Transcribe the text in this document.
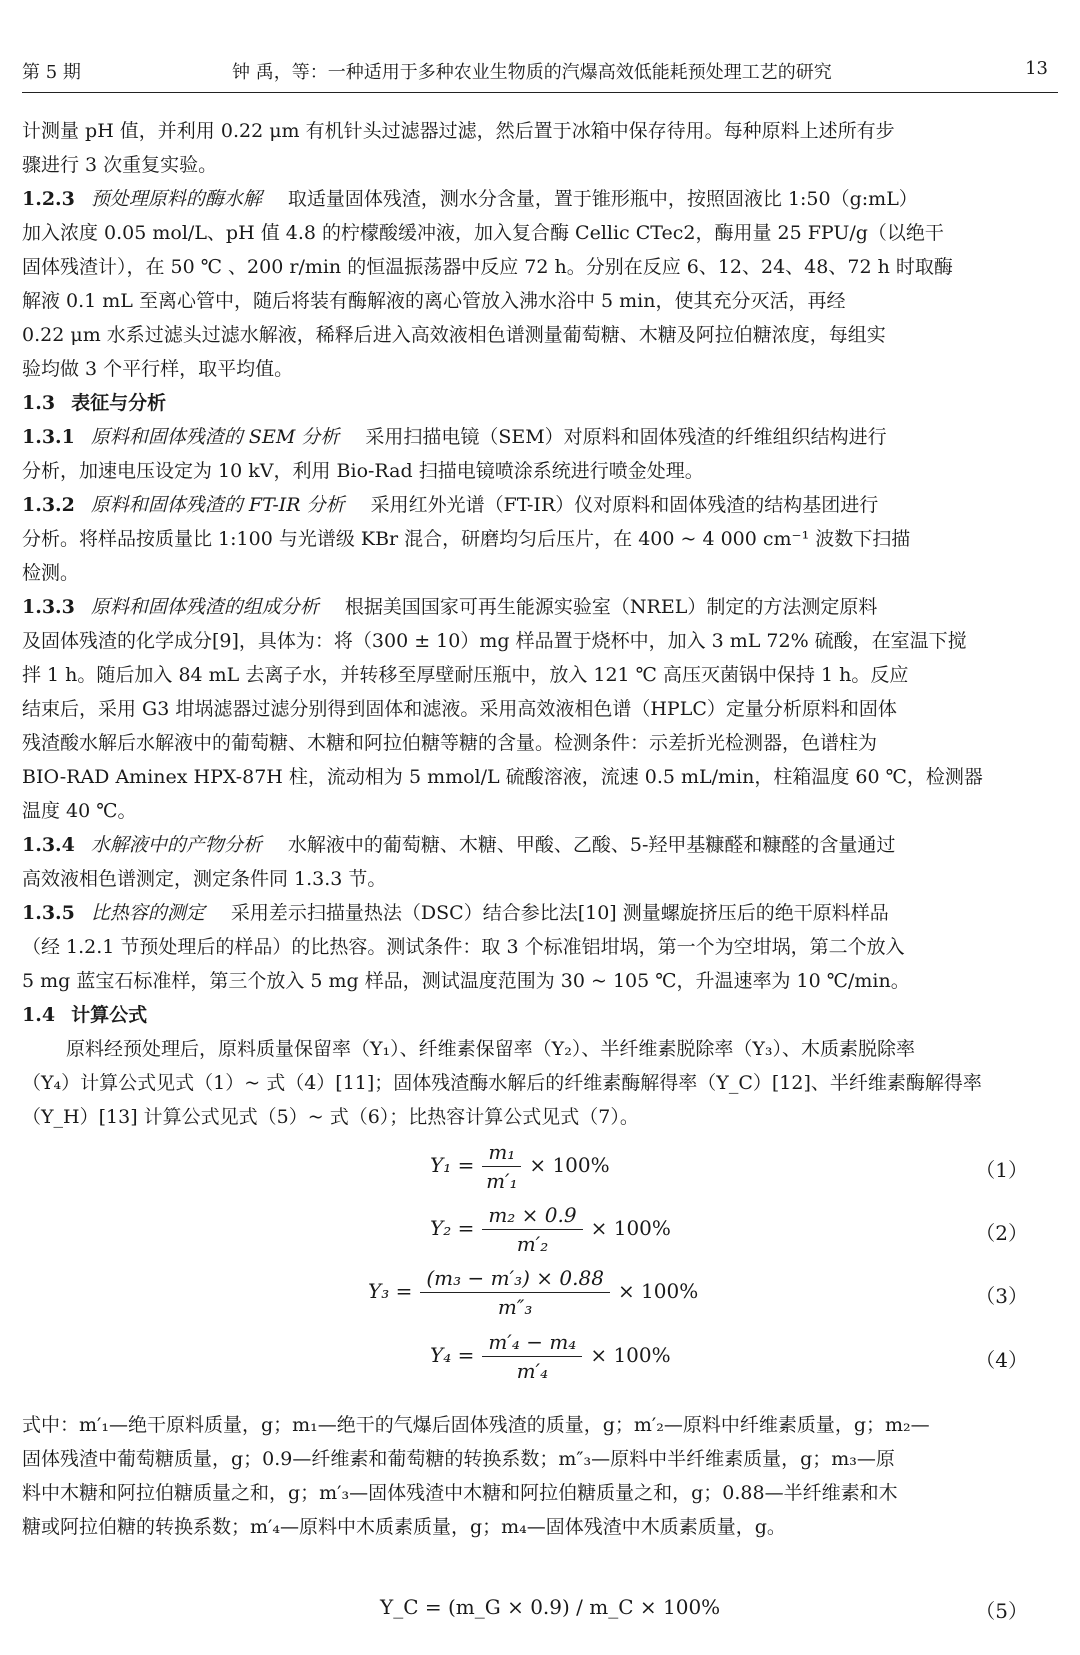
第 5 期	钟 禹，等：一种适用于多种农业生物质的汽爆高效低能耗预处理工艺的研究	13
计测量 pH 值，并利用 0.22 μm 有机针头过滤器过滤，然后置于冰箱中保存待用。每种原料上述所有步
骤进行 3 次重复实验。
1.2.3 预处理原料的酶水解 取适量固体残渣，测水分含量，置于锥形瓶中，按照固液比 1:50（g:mL）
加入浓度 0.05 mol/L、pH 值 4.8 的柠檬酸缓冲液，加入复合酶 Cellic CTec2，酶用量 25 FPU/g（以绝干
固体残渣计），在 50 ℃ 、200 r/min 的恒温振荡器中反应 72 h。分别在反应 6、12、24、48、72 h 时取酶
解液 0.1 mL 至离心管中，随后将装有酶解液的离心管放入沸水浴中 5 min，使其充分灭活，再经
0.22 μm 水系过滤头过滤水解液，稀释后进入高效液相色谱测量葡萄糖、木糖及阿拉伯糖浓度，每组实
验均做 3 个平行样，取平均值。
1.3 表征与分析
1.3.1 原料和固体残渣的 SEM 分析 采用扫描电镜（SEM）对原料和固体残渣的纤维组织结构进行
分析，加速电压设定为 10 kV，利用 Bio-Rad 扫描电镜喷涂系统进行喷金处理。
1.3.2 原料和固体残渣的 FT-IR 分析 采用红外光谱（FT-IR）仪对原料和固体残渣的结构基团进行
分析。将样品按质量比 1:100 与光谱级 KBr 混合，研磨均匀后压片，在 400 ~ 4 000 cm⁻¹ 波数下扫描
检测。
1.3.3 原料和固体残渣的组成分析 根据美国国家可再生能源实验室（NREL）制定的方法测定原料
及固体残渣的化学成分[9]，具体为：将（300 ± 10）mg 样品置于烧杯中，加入 3 mL 72% 硫酸，在室温下搅
拌 1 h。随后加入 84 mL 去离子水，并转移至厚壁耐压瓶中，放入 121 ℃ 高压灭菌锅中保持 1 h。反应
结束后，采用 G3 坩埚滤器过滤分别得到固体和滤液。采用高效液相色谱（HPLC）定量分析原料和固体
残渣酸水解后水解液中的葡萄糖、木糖和阿拉伯糖等糖的含量。检测条件：示差折光检测器，色谱柱为
BIO-RAD Aminex HPX-87H 柱，流动相为 5 mmol/L 硫酸溶液，流速 0.5 mL/min，柱箱温度 60 ℃，检测器
温度 40 ℃。
1.3.4 水解液中的产物分析 水解液中的葡萄糖、木糖、甲酸、乙酸、5-羟甲基糠醛和糠醛的含量通过
高效液相色谱测定，测定条件同 1.3.3 节。
1.3.5 比热容的测定 采用差示扫描量热法（DSC）结合参比法[10] 测量螺旋挤压后的绝干原料样品
（经 1.2.1 节预处理后的样品）的比热容。测试条件：取 3 个标准铝坩埚，第一个为空坩埚，第二个放入
5 mg 蓝宝石标准样，第三个放入 5 mg 样品，测试温度范围为 30 ~ 105 ℃，升温速率为 10 ℃/min。
1.4 计算公式
原料经预处理后，原料质量保留率（Y₁）、纤维素保留率（Y₂）、半纤维素脱除率（Y₃）、木质素脱除率
（Y₄）计算公式见式（1）~ 式（4）[11]；固体残渣酶水解后的纤维素酶解得率（Y_C）[12]、半纤维素酶解得率
（Y_H）[13] 计算公式见式（5）~ 式（6）；比热容计算公式见式（7）。
$Y_1 = \frac{\text{m₁}}{\text{m′₁}} \times 100\%$	（1）
$Y_2 = \frac{\text{m₂ × 0.9}}{\text{m′₂}} \times 100\%$	（2）
$Y_3 = \frac{\text{(m₃ − m′₃) × 0.88}}{\text{m″₃}} \times 100\%$	（3）
$Y_4 = \frac{\text{m′₄ − m₄}}{\text{m′₄}} \times 100\%$	（4）
式中：m′₁—绝干原料质量，g；m₁—绝干的气爆后固体残渣的质量，g；m′₂—原料中纤维素质量，g；m₂—
固体残渣中葡萄糖质量，g；0.9—纤维素和葡萄糖的转换系数；m″₃—原料中半纤维素质量，g；m₃—原
料中木糖和阿拉伯糖质量之和，g；m′₃—固体残渣中木糖和阿拉伯糖质量之和，g；0.88—半纤维素和木
糖或阿拉伯糖的转换系数；m′₄—原料中木质素质量，g；m₄—固体残渣中木质素质量，g。
Y_C = (m_G × 0.9) / m_C × 100%	（5）
